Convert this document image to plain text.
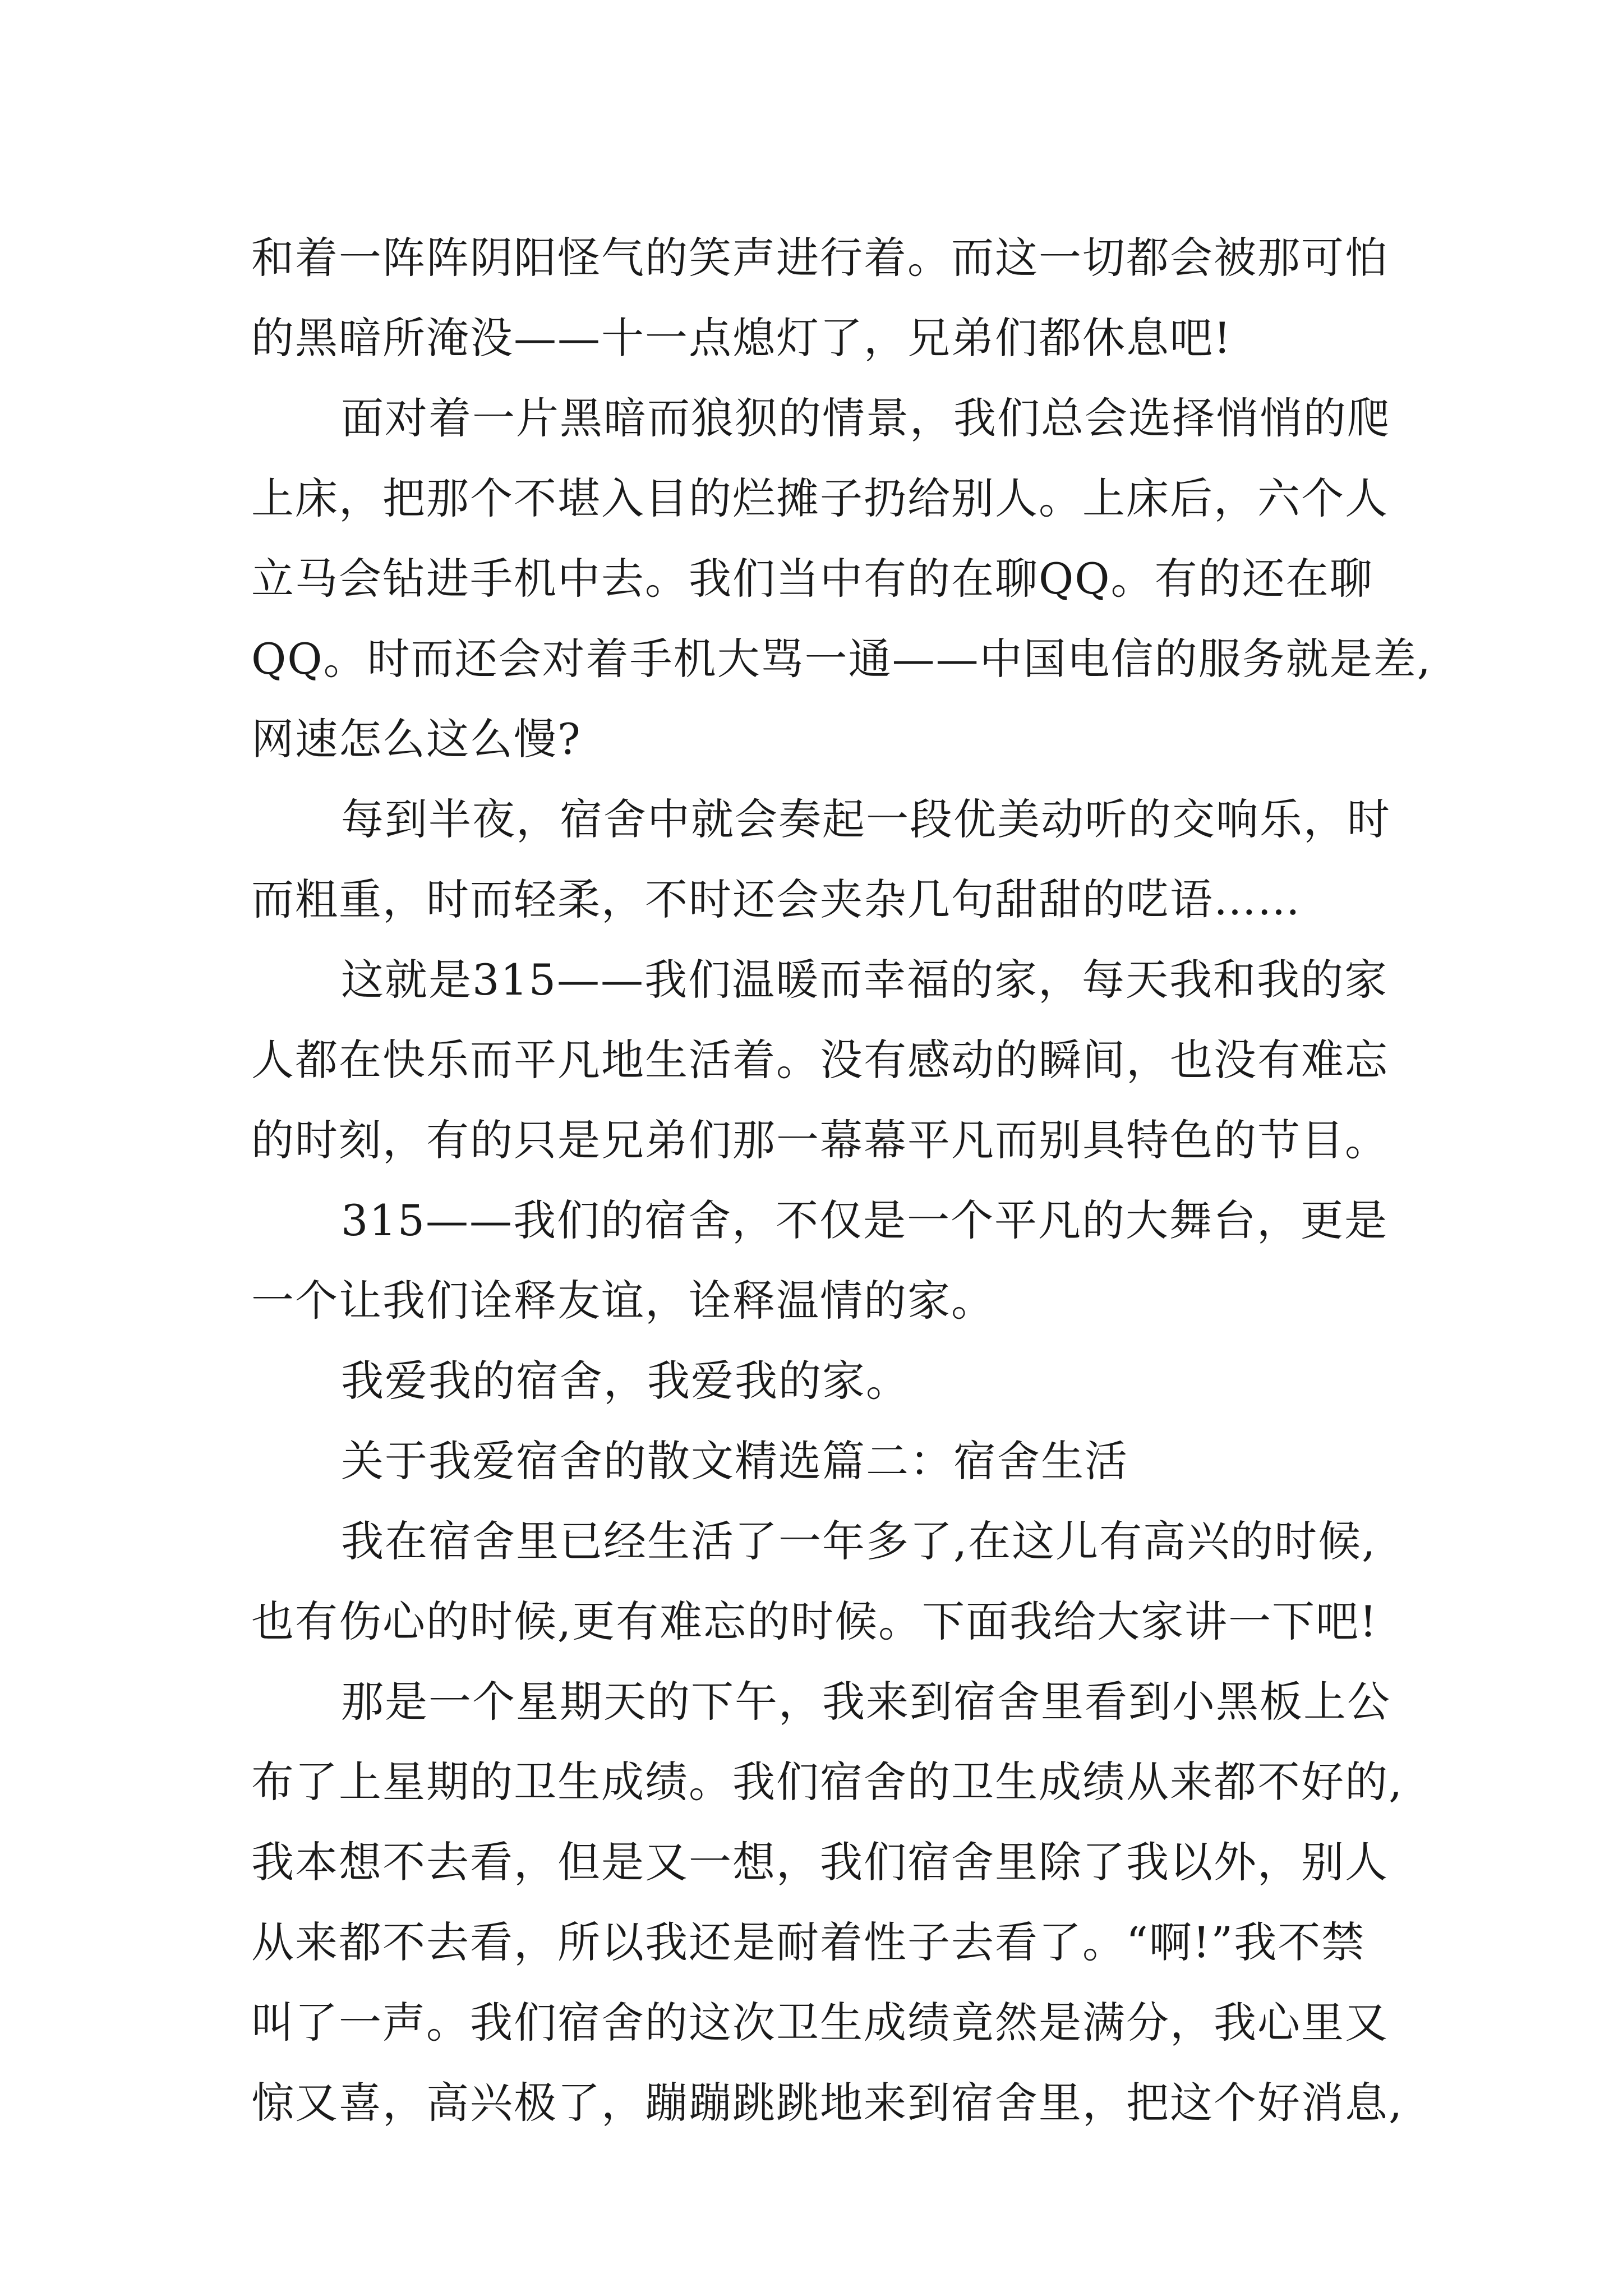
和着一阵阵阴阳怪气的笑声进行着。而这一切都会被那可怕
的黑暗所淹没——十一点熄灯了，兄弟们都休息吧!
面对着一片黑暗而狼狈的情景，我们总会选择悄悄的爬
上床，把那个不堪入目的烂摊子扔给别人。上床后，六个人
立马会钻进手机中去。我们当中有的在聊QQ。有的还在聊
QQ。时而还会对着手机大骂一通——中国电信的服务就是差,
网速怎么这么慢?
每到半夜，宿舍中就会奏起一段优美动听的交响乐，时
而粗重，时而轻柔，不时还会夹杂几句甜甜的呓语……
这就是315——我们温暖而幸福的家，每天我和我的家
人都在快乐而平凡地生活着。没有感动的瞬间，也没有难忘
的时刻，有的只是兄弟们那一幕幕平凡而别具特色的节目。
315——我们的宿舍，不仅是一个平凡的大舞台，更是
一个让我们诠释友谊，诠释温情的家。
我爱我的宿舍，我爱我的家。
关于我爱宿舍的散文精选篇二：宿舍生活
我在宿舍里已经生活了一年多了,在这儿有高兴的时候,
也有伤心的时候,更有难忘的时候。下面我给大家讲一下吧!
那是一个星期天的下午，我来到宿舍里看到小黑板上公
布了上星期的卫生成绩。我们宿舍的卫生成绩从来都不好的,
我本想不去看，但是又一想，我们宿舍里除了我以外，别人
从来都不去看，所以我还是耐着性子去看了。“啊!”我不禁
叫了一声。我们宿舍的这次卫生成绩竟然是满分，我心里又
惊又喜，高兴极了，蹦蹦跳跳地来到宿舍里，把这个好消息,
